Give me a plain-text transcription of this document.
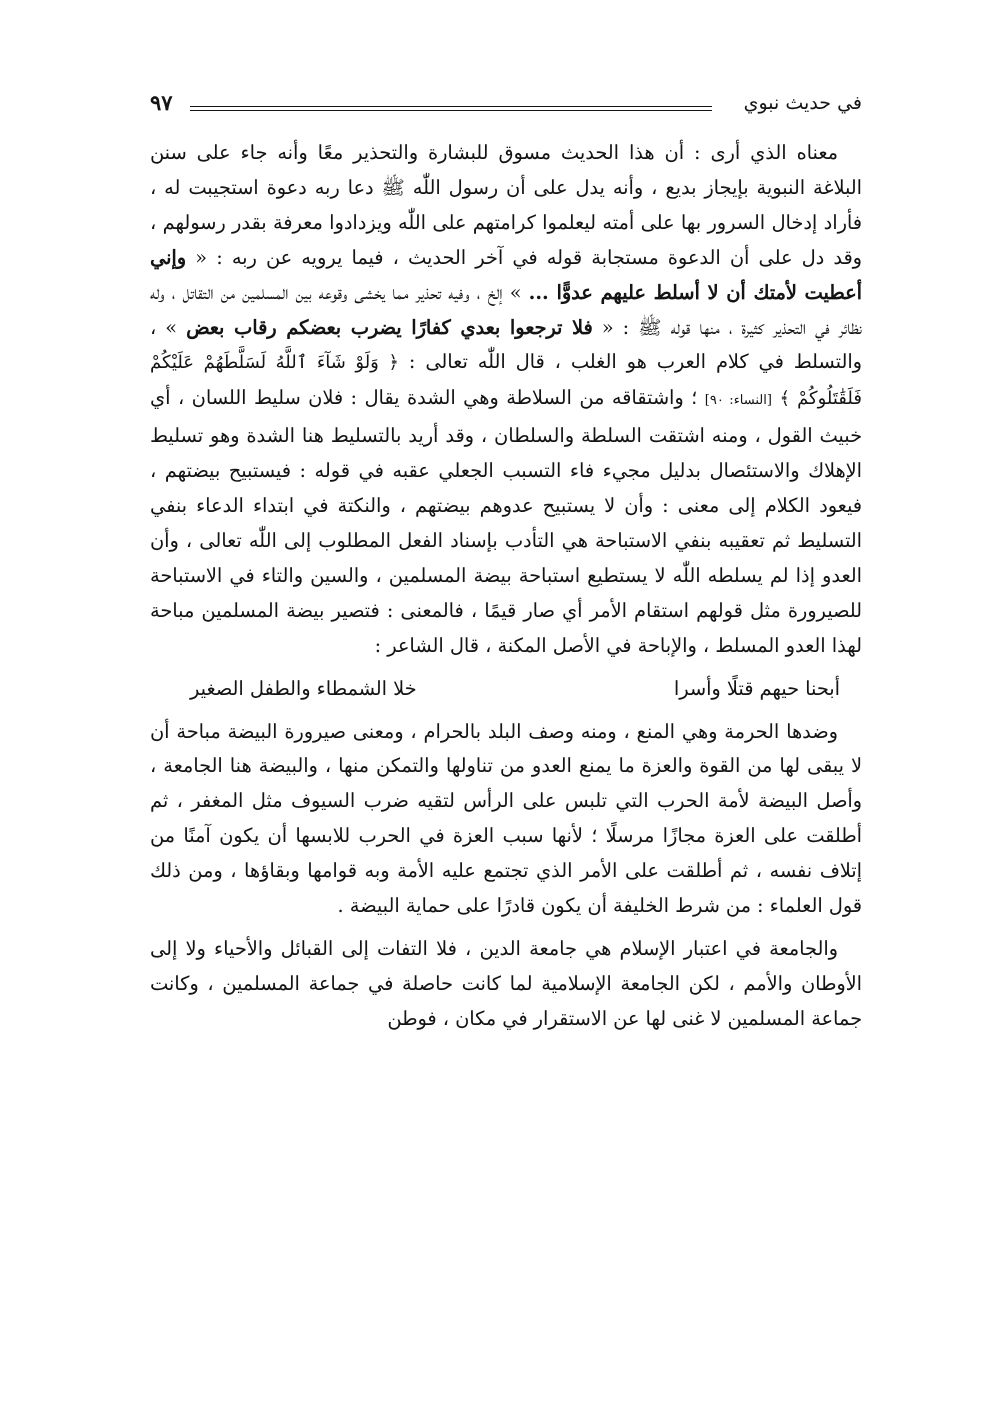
في حديث نبوي
٩٧

معناه الذي أرى : أن هذا الحديث مسوق للبشارة والتحذير معًا وأنه جاء على سنن البلاغة النبوية بإيجاز بديع ، وأنه يدل على أن رسول اللّٰه ﷺ دعا ربه دعوة استجيبت له ، فأراد إدخال السرور بها على أمته ليعلموا كرامتهم على اللّٰه ويزدادوا معرفة بقدر رسولهم ، وقد دل على أن الدعوة مستجابة قوله في آخر الحديث ، فيما يرويه عن ربه : « وإني أعطيت لأمتك أن لا أسلط عليهم عدوًّا ... » إلخ ، وفيه تحذير مما يخشى وقوعه بين المسلمين من التقاتل ، وله نظائر في التحذير كثيرة ، منها قوله ﷺ : « فلا ترجعوا بعدي كفارًا يضرب بعضكم رقاب بعض » ، والتسلط في كلام العرب هو الغلب ، قال اللّٰه تعالى : ﴿ وَلَوْ شَآءَ ٱللَّهُ لَسَلَّطَهُمْ عَلَيْكُمْ فَلَقَٰتَلُوكُمْ ﴾ [النساء: ٩٠] ؛ واشتقاقه من السلاطة وهي الشدة يقال : فلان سليط اللسان ، أي خبيث القول ، ومنه اشتقت السلطة والسلطان ، وقد أريد بالتسليط هنا الشدة وهو تسليط الإهلاك والاستئصال بدليل مجيء فاء التسبب الجعلي عقبه في قوله : فيستبيح بيضتهم ، فيعود الكلام إلى معنى : وأن لا يستبيح عدوهم بيضتهم ، والنكتة في ابتداء الدعاء بنفي التسليط ثم تعقيبه بنفي الاستباحة هي التأدب بإسناد الفعل المطلوب إلى اللّٰه تعالى ، وأن العدو إذا لم يسلطه اللّٰه لا يستطيع استباحة بيضة المسلمين ، والسين والتاء في الاستباحة للصيرورة مثل قولهم استقام الأمر أي صار قيمًا ، فالمعنى : فتصير بيضة المسلمين مباحة لهذا العدو المسلط ، والإباحة في الأصل المكنة ، قال الشاعر :

أبحنا حيهم قتلًا وأسرا
خلا الشمطاء والطفل الصغير

وضدها الحرمة وهي المنع ، ومنه وصف البلد بالحرام ، ومعنى صيرورة البيضة مباحة أن لا يبقى لها من القوة والعزة ما يمنع العدو من تناولها والتمكن منها ، والبيضة هنا الجامعة ، وأصل البيضة لأمة الحرب التي تلبس على الرأس لتقيه ضرب السيوف مثل المغفر ، ثم أطلقت على العزة مجازًا مرسلًا ؛ لأنها سبب العزة في الحرب للابسها أن يكون آمنًا من إتلاف نفسه ، ثم أطلقت على الأمر الذي تجتمع عليه الأمة وبه قوامها وبقاؤها ، ومن ذلك قول العلماء : من شرط الخليفة أن يكون قادرًا على حماية البيضة .

والجامعة في اعتبار الإسلام هي جامعة الدين ، فلا التفات إلى القبائل والأحياء ولا إلى الأوطان والأمم ، لكن الجامعة الإسلامية لما كانت حاصلة في جماعة المسلمين ، وكانت جماعة المسلمين لا غنى لها عن الاستقرار في مكان ، فوطن
